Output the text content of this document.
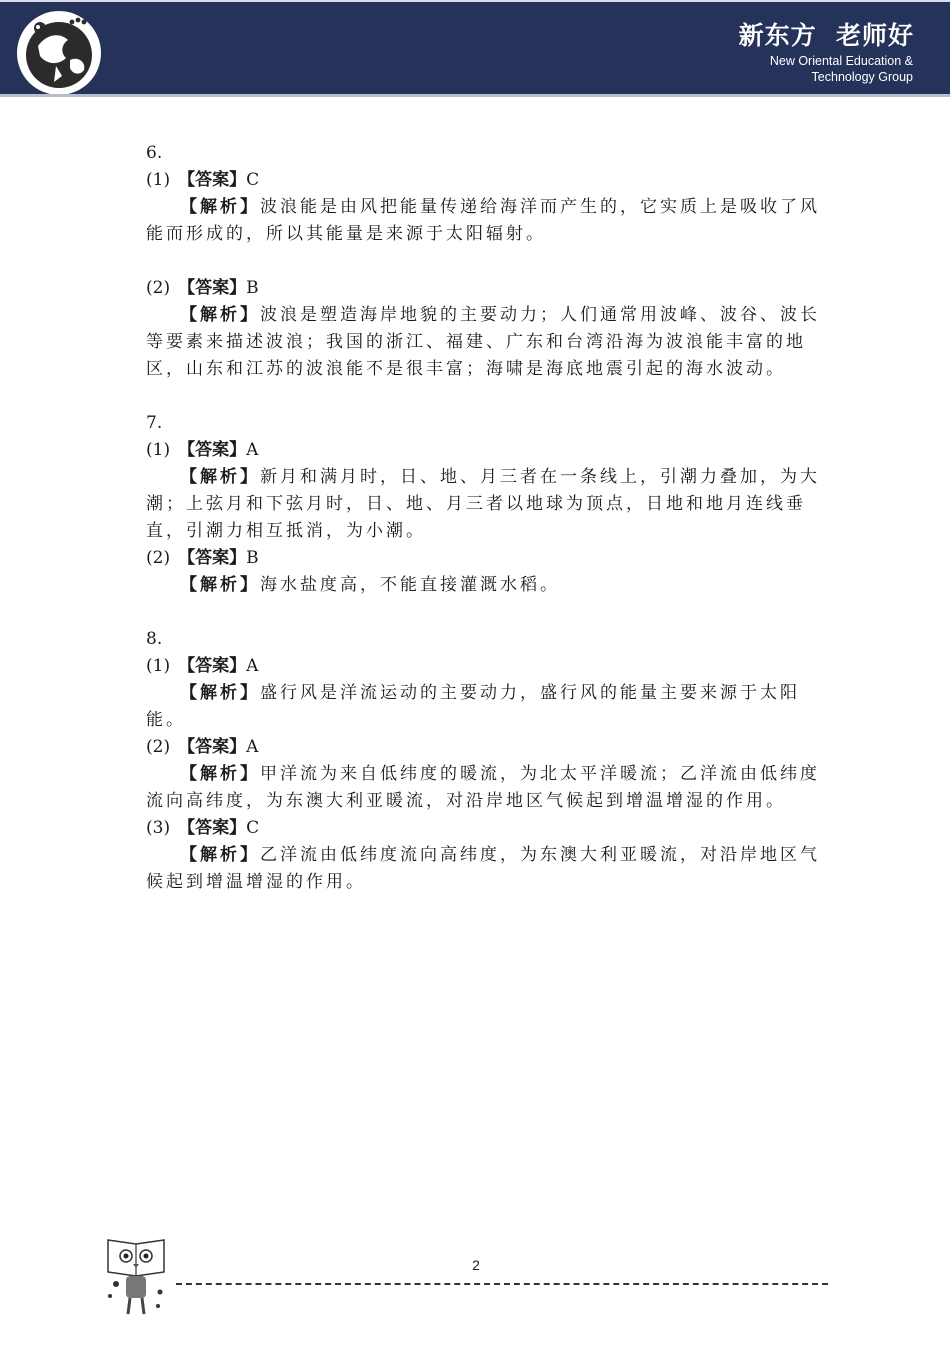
新东方  老师好
New Oriental Education &
Technology Group
6.
(1) 【答案】C
【解析】波浪能是由风把能量传递给海洋而产生的，它实质上是吸收了风
能而形成的，所以其能量是来源于太阳辐射。
(2) 【答案】B
【解析】波浪是塑造海岸地貌的主要动力；人们通常用波峰、波谷、波长
等要素来描述波浪；我国的浙江、福建、广东和台湾沿海为波浪能丰富的地
区，山东和江苏的波浪能不是很丰富；海啸是海底地震引起的海水波动。
7.
(1) 【答案】A
【解析】新月和满月时，日、地、月三者在一条线上，引潮力叠加，为大
潮；上弦月和下弦月时，日、地、月三者以地球为顶点，日地和地月连线垂
直，引潮力相互抵消，为小潮。
(2) 【答案】B
【解析】海水盐度高，不能直接灌溉水稻。
8.
(1) 【答案】A
【解析】盛行风是洋流运动的主要动力，盛行风的能量主要来源于太阳
能。
(2) 【答案】A
【解析】甲洋流为来自低纬度的暖流，为北太平洋暖流；乙洋流由低纬度
流向高纬度，为东澳大利亚暖流，对沿岸地区气候起到增温增湿的作用。
(3) 【答案】C
【解析】乙洋流由低纬度流向高纬度，为东澳大利亚暖流，对沿岸地区气
候起到增温增湿的作用。
2
